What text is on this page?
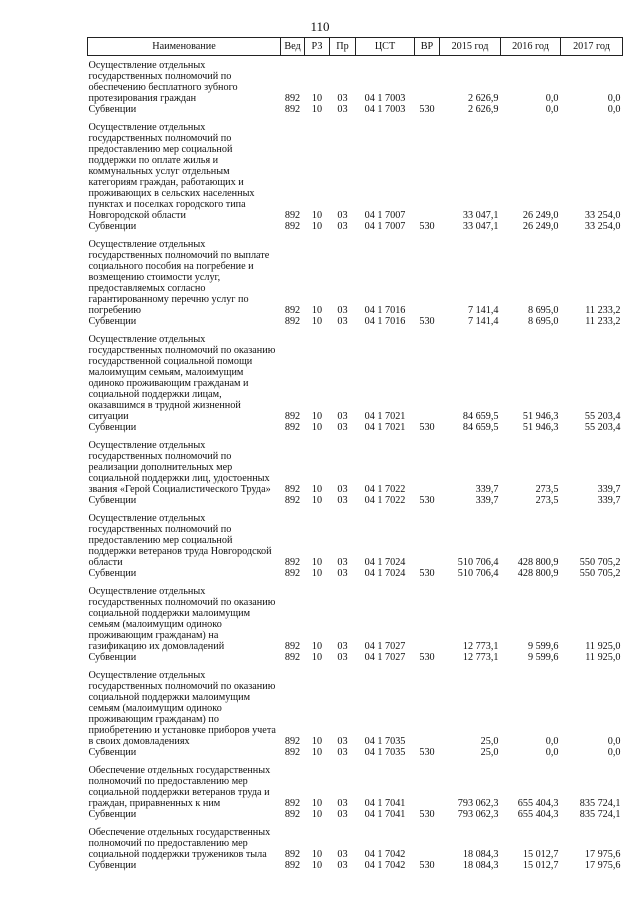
110
Наименование	Вед	РЗ	Пр	ЦСТ	ВР	2015 год	2016 год	2017 год
Осуществление отдельных государственных полномочий по обеспечению бесплатного зубного протезирования граждан	892	10	03	04 1 7003		2 626,9	0,0	0,0
Субвенции	892	10	03	04 1 7003	530	2 626,9	0,0	0,0
Осуществление отдельных государственных полномочий по предоставлению мер социальной поддержки по оплате жилья и коммунальных услуг отдельным категориям граждан, работающих и проживающих в сельских населенных пунктах и поселках городского типа Новгородской области	892	10	03	04 1 7007		33 047,1	26 249,0	33 254,0
Субвенции	892	10	03	04 1 7007	530	33 047,1	26 249,0	33 254,0
Осуществление отдельных государственных полномочий по выплате социального пособия на погребение и возмещению стоимости услуг, предоставляемых согласно гарантированному перечню услуг по погребению	892	10	03	04 1 7016		7 141,4	8 695,0	11 233,2
Субвенции	892	10	03	04 1 7016	530	7 141,4	8 695,0	11 233,2
Осуществление отдельных государственных полномочий по оказанию государственной социальной помощи малоимущим семьям, малоимущим одиноко проживающим гражданам и социальной поддержки лицам, оказавшимся в трудной жизненной ситуации	892	10	03	04 1 7021		84 659,5	51 946,3	55 203,4
Субвенции	892	10	03	04 1 7021	530	84 659,5	51 946,3	55 203,4
Осуществление отдельных государственных полномочий по реализации дополнительных мер социальной поддержки лиц, удостоенных звания «Герой Социалистического Труда»	892	10	03	04 1 7022		339,7	273,5	339,7
Субвенции	892	10	03	04 1 7022	530	339,7	273,5	339,7
Осуществление отдельных государственных полномочий по предоставлению мер социальной поддержки ветеранов труда Новгородской области	892	10	03	04 1 7024		510 706,4	428 800,9	550 705,2
Субвенции	892	10	03	04 1 7024	530	510 706,4	428 800,9	550 705,2
Осуществление отдельных государственных полномочий по оказанию социальной поддержки малоимущим семьям (малоимущим одиноко проживающим гражданам) на газификацию их домовладений	892	10	03	04 1 7027		12 773,1	9 599,6	11 925,0
Субвенции	892	10	03	04 1 7027	530	12 773,1	9 599,6	11 925,0
Осуществление отдельных государственных полномочий по оказанию социальной поддержки малоимущим семьям (малоимущим одиноко проживающим гражданам) по приобретению и установке приборов учета в своих домовладениях	892	10	03	04 1 7035		25,0	0,0	0,0
Субвенции	892	10	03	04 1 7035	530	25,0	0,0	0,0
Обеспечение отдельных государственных полномочий по предоставлению мер социальной поддержки ветеранов труда и граждан, приравненных к ним	892	10	03	04 1 7041		793 062,3	655 404,3	835 724,1
Субвенции	892	10	03	04 1 7041	530	793 062,3	655 404,3	835 724,1
Обеспечение отдельных государственных полномочий по предоставлению мер социальной поддержки тружеников тыла	892	10	03	04 1 7042		18 084,3	15 012,7	17 975,6
Субвенции	892	10	03	04 1 7042	530	18 084,3	15 012,7	17 975,6
